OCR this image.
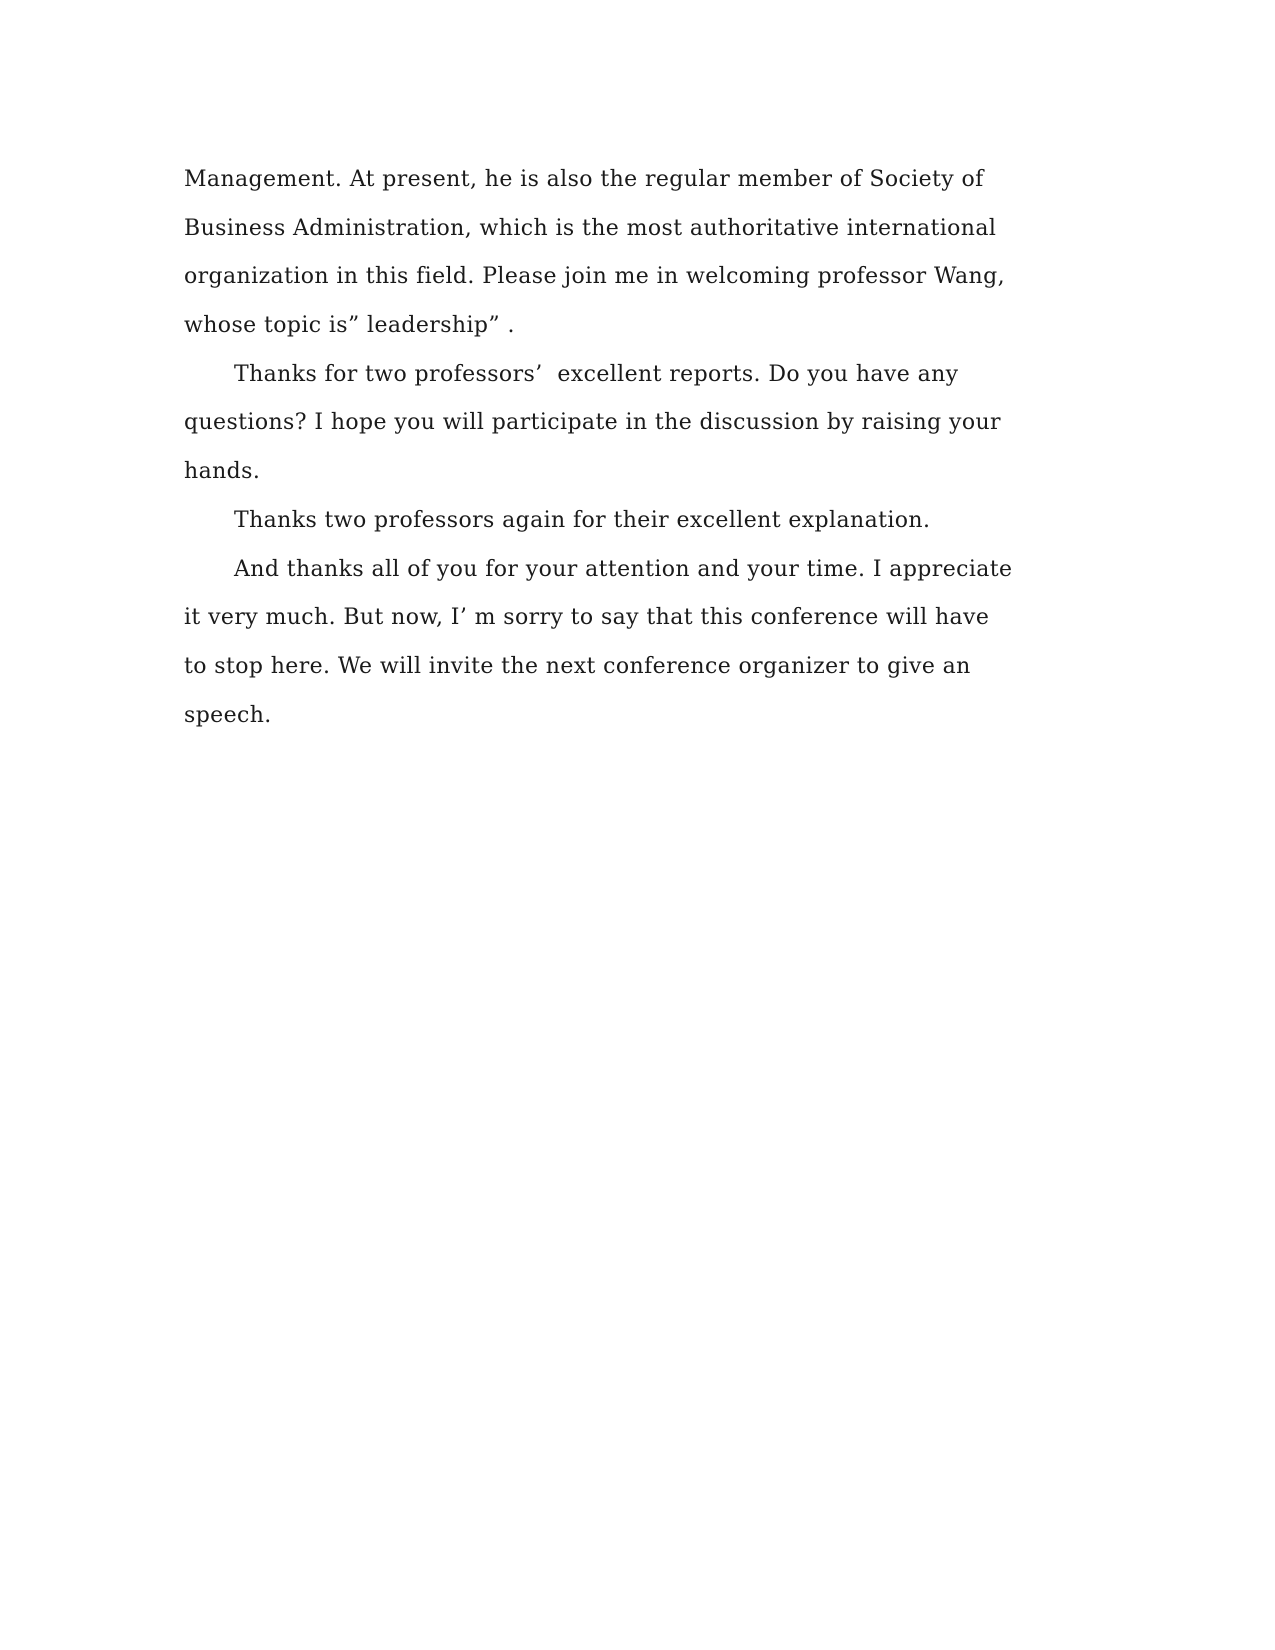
Management. At present, he is also the regular member of Society of
Business Administration, which is the most authoritative international
organization in this field. Please join me in welcoming professor Wang,
whose topic is” leadership” .
Thanks for two professors’  excellent reports. Do you have any
questions? I hope you will participate in the discussion by raising your
hands.
Thanks two professors again for their excellent explanation.
And thanks all of you for your attention and your time. I appreciate
it very much. But now, I’ m sorry to say that this conference will have
to stop here. We will invite the next conference organizer to give an
speech.
